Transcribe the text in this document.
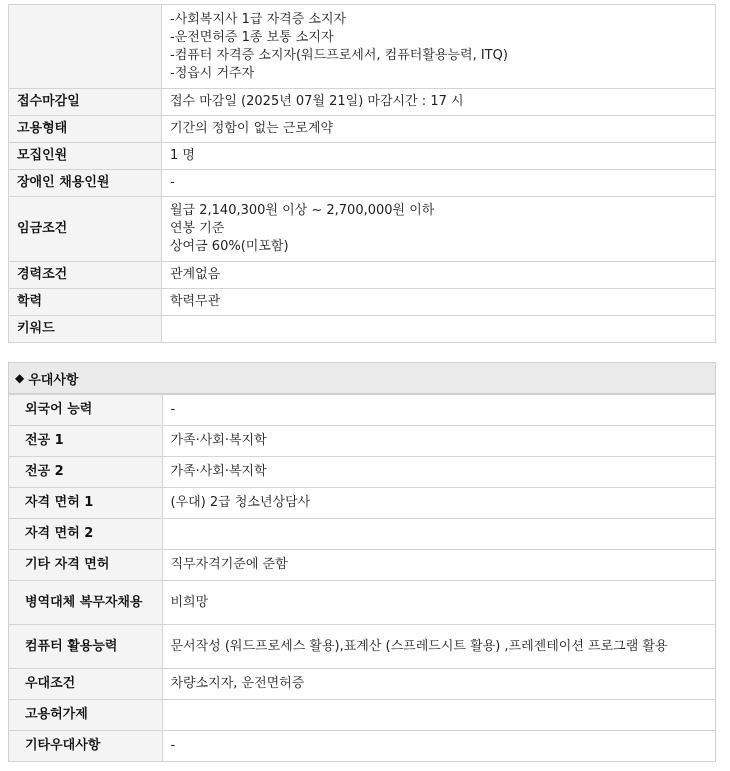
	-사회복지사 1급 자격증 소지자
-운전면허증 1종 보통 소지자
-컴퓨터 자격증 소지자(워드프로세서, 컴퓨터활용능력, ITQ)
-정읍시 거주자

접수마감일	접수 마감일 (2025년 07월 21일) 마감시간 : 17 시
고용형태	기간의 정함이 없는 근로계약
모집인원	1 명
장애인 채용인원	-
임금조건	월급 2,140,300원 이상 ~ 2,700,000원 이하
연봉 기준
상여금 60%(미포함)

경력조건	관계없음
학력	학력무관
키워드	
◆ 우대사항
외국어 능력	-
전공 1	가족·사회·복지학
전공 2	가족·사회·복지학
자격 면허 1	(우대) 2급 청소년상담사
자격 면허 2	
기타 자격 면허	직무자격기준에 준함
병역대체 복무자채용	비희망
컴퓨터 활용능력	문서작성 (워드프로세스 활용),표계산 (스프레드시트 활용) ,프레젠테이션 프로그램 활용
우대조건	차량소지자, 운전면허증
고용허가제	
기타우대사항	-
